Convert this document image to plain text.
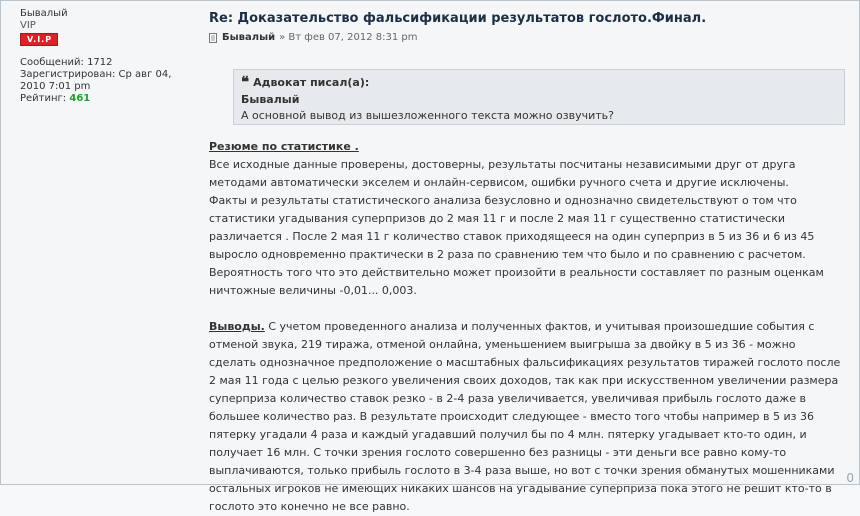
Бывалый
VIP
V.I.P
Сообщений: 1712
Зарегистрирован: Ср авг 04, 2010 7:01 pm
Рейтинг: 461
Re: Доказательство фальсификации результатов гослото.Финал.
Бывалый » Вт фев 07, 2012 8:31 pm
❝ Адвокат писал(а):
Бывалый
А основной вывод из вышезложенного текста можно озвучить?

Резюме по статистике .

Все исходные данные проверены, достоверны, результаты посчитаны независимыми друг от друга методами автоматически экселем и онлайн-сервисом, ошибки ручного счета и другие исключены.

Факты и результаты статистического анализа безусловно и однозначно свидетельствуют о том что статистики угадывания суперпризов до 2 мая 11 г и после 2 мая 11 г существенно статистически различается . После 2 мая 11 г количество ставок приходящееся на один суперприз в 5 из 36 и 6 из 45 выросло одновременно практически в 2 раза по сравнению тем что было и по сравнению с расчетом. Вероятность того что это действительно может произойти в реальности составляет по разным оценкам ничтожные величины -0,01... 0,003.

Выводы. С учетом проведенного анализа и полученных фактов, и учитывая произошедшие события с отменой звука, 219 тиража, отменой онлайна, уменьшением выигрыша за двойку в 5 из 36 - можно сделать однозначное предположение о масштабных фальсификациях результатов тиражей гослото после 2 мая 11 года с целью резкого увеличения своих доходов, так как при искусственном увеличении размера суперприза количество ставок резко - в 2-4 раза увеличивается, увеличивая прибыль гослото даже в большеe количество раз. В результате происходит следующее - вместо того чтобы например в 5 из 36 пятерку угадали 4 раза и каждый угадавший получил бы по 4 млн. пятерку угадывает кто-то один, и получает 16 млн. С точки зрения гослото совершенно без разницы - эти деньги все равно кому-то выплачиваются, только прибыль гослото в 3-4 раза выше, но вот с точки зрения обманутых мошенниками остальных игроков не имеющих никаких шансов на угадывание суперприза пока этого не решит кто-то в гослото это конечно не все равно.

0
